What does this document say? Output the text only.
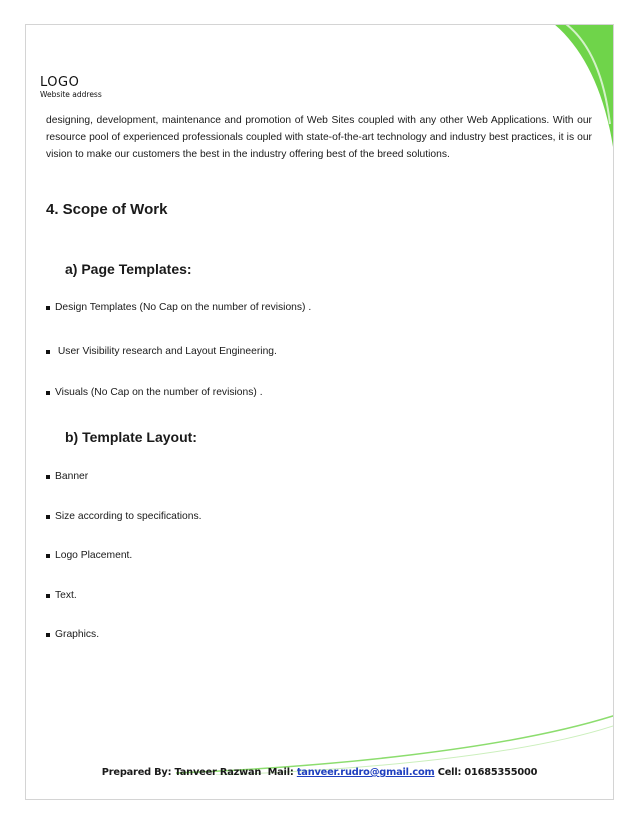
LOGO
Website address

designing, development, maintenance and promotion of Web Sites coupled with any other Web Applications. With our resource pool of experienced professionals coupled with state-of-the-art technology and industry best practices, it is our vision to make our customers the best in the industry offering best of the breed solutions.

4. Scope of Work
a) Page Templates:
Design Templates (No Cap on the number of revisions) .
User Visibility research and Layout Engineering.
Visuals (No Cap on the number of revisions) .
b) Template Layout:
Banner
Size according to specifications.
Logo Placement.
Text.
Graphics.
Prepared By: Tanveer Razwan Mail: tanveer.rudro@gmail.com Cell: 01685355000
